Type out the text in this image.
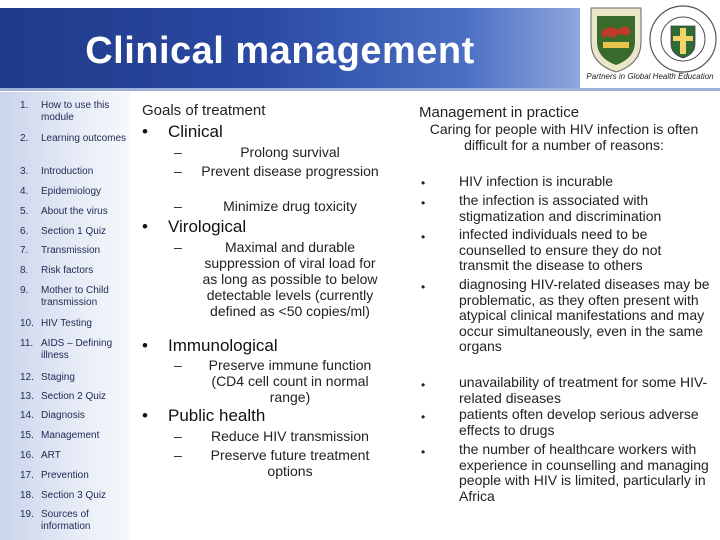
Clinical management
Partners in Global Health Education
1. How to use this module
2. Learning outcomes
3. Introduction
4. Epidemiology
5. About the virus
6. Section 1 Quiz
7. Transmission
8. Risk factors
9. Mother to Child transmission
10. HIV Testing
11. AIDS – Defining illness
12. Staging
13. Section 2 Quiz
14. Diagnosis
15. Management
16. ART
17. Prevention
18. Section 3 Quiz
19. Sources of information
Goals of treatment
• Clinical
–	Prolong survival
– Prevent disease progression
–	Minimize drug toxicity
• Virological
–	Maximal and durable suppression of viral load for as long as possible to below detectable levels (currently defined as <50 copies/ml)
• Immunological
–	Preserve immune function (CD4 cell count in normal range)
• Public health
–	Reduce HIV transmission
–	Preserve future treatment options
Management in practice
Caring for people with HIV infection is often difficult for a number of reasons:
• HIV infection is incurable
• the infection is associated with stigmatization and discrimination
• infected individuals need to be counselled to ensure they do not transmit the disease to others
• diagnosing HIV-related diseases may be problematic, as they often present with atypical clinical manifestations and may occur simultaneously, even in the same organs
• unavailability of treatment for some HIV-related diseases
• patients often develop serious adverse effects to drugs
• the number of healthcare workers with experience in counselling and managing people with HIV is limited, particularly in Africa
